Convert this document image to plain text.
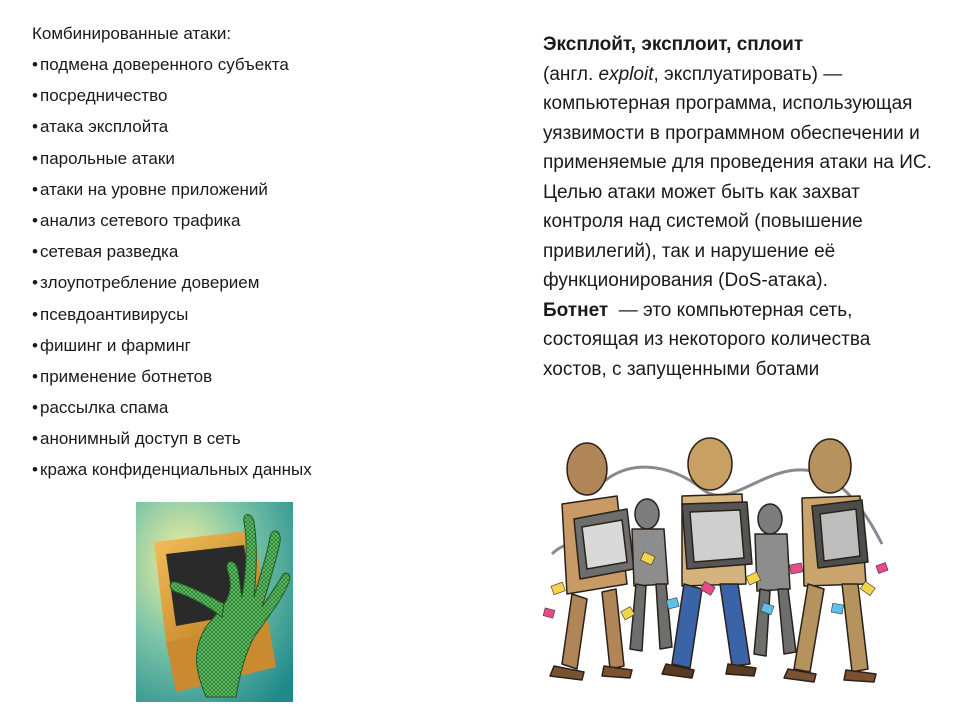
Комбинированные атаки:
• подмена доверенного субъекта
• посредничество
• атака эксплойта
• парольные атаки
• атаки на уровне приложений
• анализ сетевого трафика
• сетевая разведка
• злоупотребление доверием
• псевдоантивирусы
• фишинг и фарминг
• применение ботнетов
• рассылка спама
• анонимный доступ в сеть
• кража конфиденциальных данных

Эксплойт, эксплоит, сплоит
(англ. exploit, эксплуатировать) — компьютерная программа, использующая уязвимости в программном обеспечении и применяемые для проведения атаки на ИС. Целью атаки может быть как захват контроля над системой (повышение привилегий), так и нарушение её функционирования (DoS-атака).

Ботнет  — это компьютерная сеть, состоящая из некоторого количества хостов, с запущенными ботами
